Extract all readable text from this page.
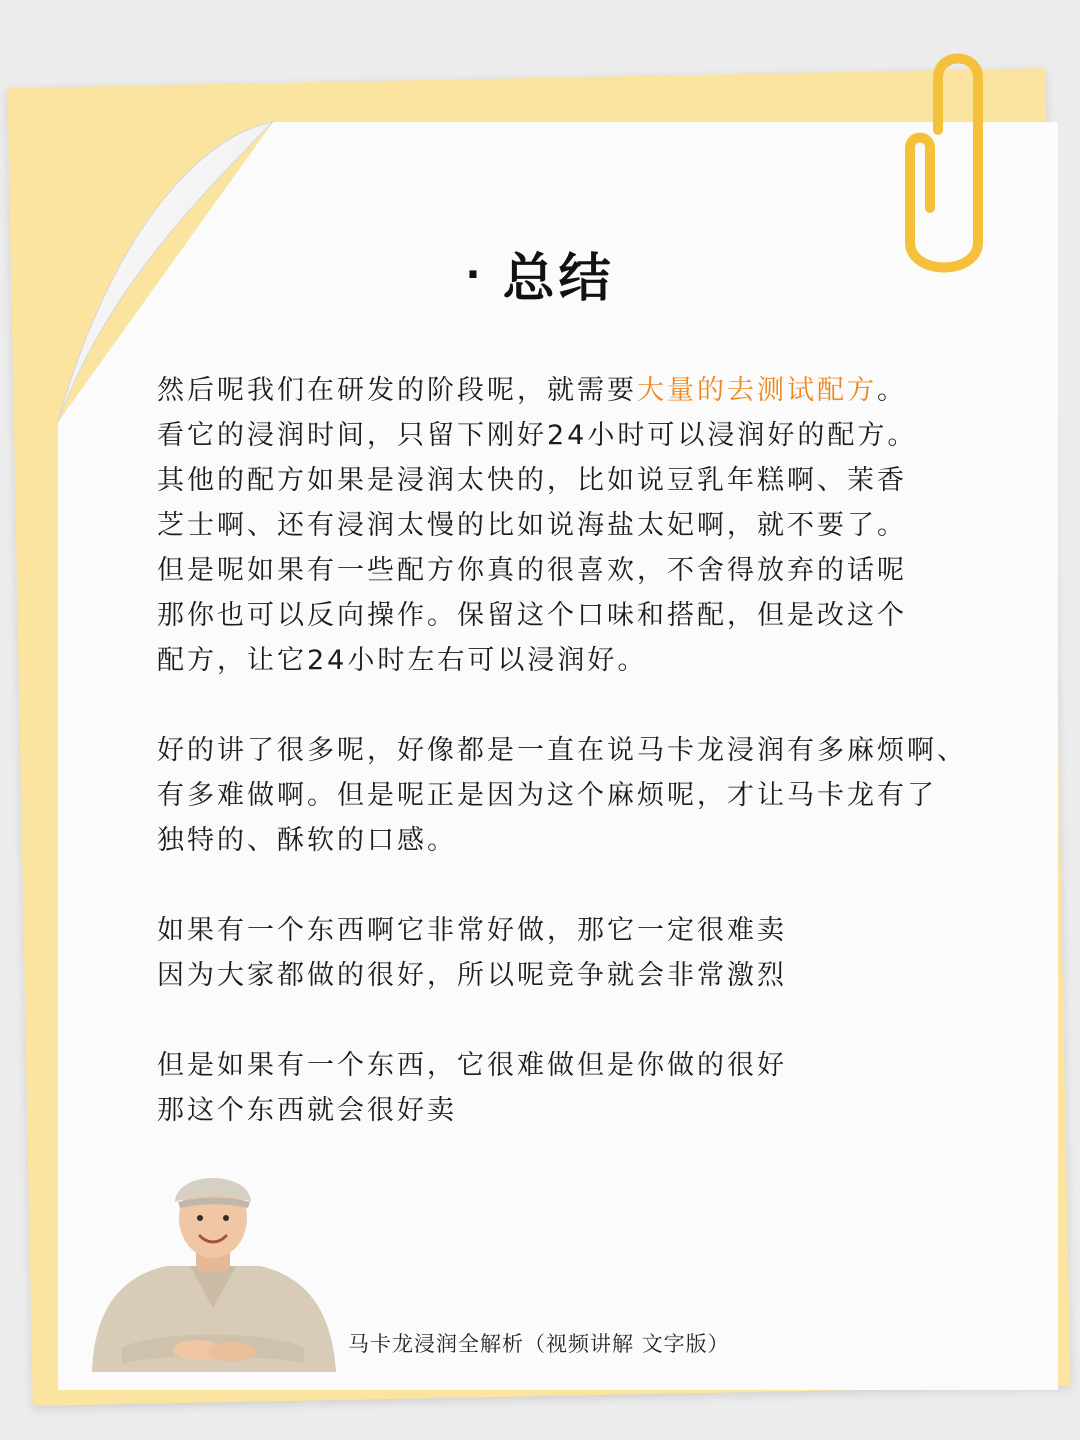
· 总结
然后呢我们在研发的阶段呢，就需要大量的去测试配方。
看它的浸润时间，只留下刚好24小时可以浸润好的配方。
其他的配方如果是浸润太快的，比如说豆乳年糕啊、茉香
芝士啊、还有浸润太慢的比如说海盐太妃啊，就不要了。
但是呢如果有一些配方你真的很喜欢，不舍得放弃的话呢
那你也可以反向操作。保留这个口味和搭配，但是改这个
配方，让它24小时左右可以浸润好。
好的讲了很多呢，好像都是一直在说马卡龙浸润有多麻烦啊、
有多难做啊。但是呢正是因为这个麻烦呢，才让马卡龙有了
独特的、酥软的口感。
如果有一个东西啊它非常好做，那它一定很难卖
因为大家都做的很好，所以呢竞争就会非常激烈
但是如果有一个东西，它很难做但是你做的很好
那这个东西就会很好卖
马卡龙浸润全解析（视频讲解 文字版）
